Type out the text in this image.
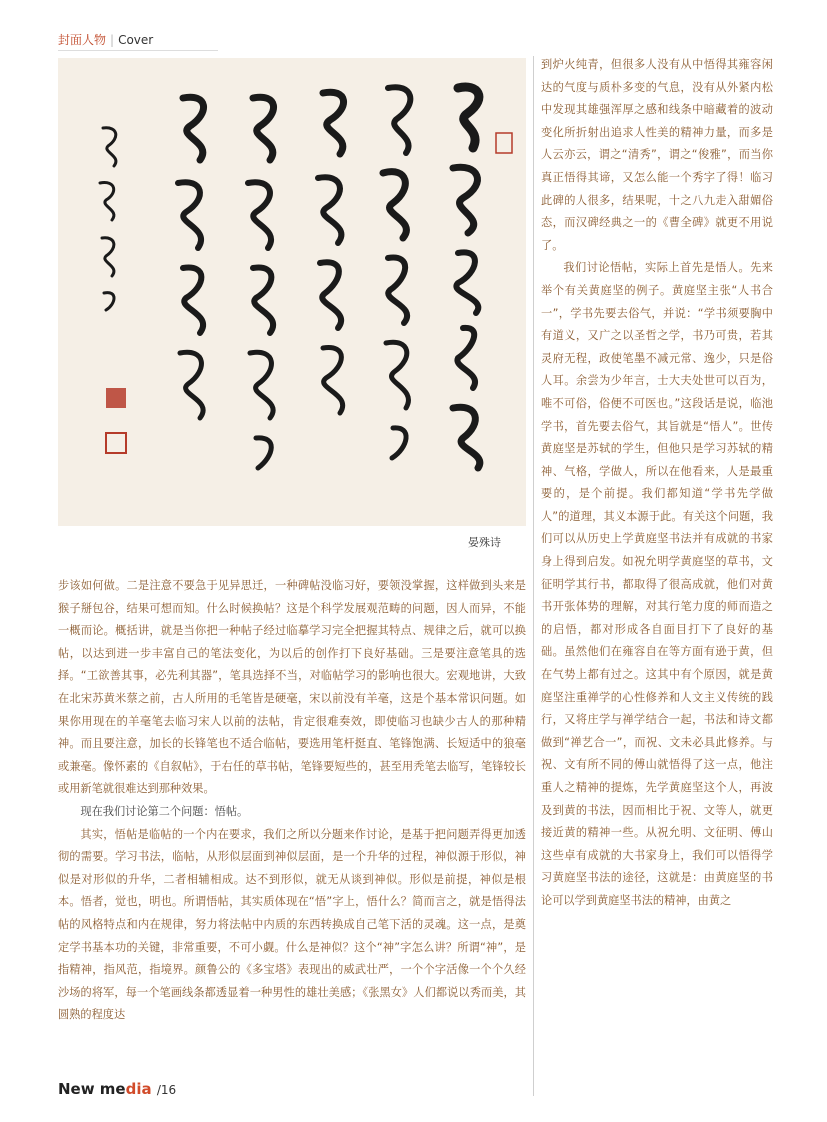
封面人物 | Cover
晏殊诗

到炉火纯青，但很多人没有从中悟得其雍容闲达的气度与质朴多变的气息，没有从外紧内松中发现其雄强浑厚之感和线条中暗藏着的波动变化所折射出追求人性美的精神力量，而多是人云亦云，谓之“清秀”，谓之“俊雅”，而当你真正悟得其谛，又怎么能一个秀字了得！临习此碑的人很多，结果呢，十之八九走入甜媚俗态，而汉碑经典之一的《曹全碑》就更不用说了。

我们讨论悟帖，实际上首先是悟人。先来举个有关黄庭坚的例子。黄庭坚主张“人书合一”，学书先要去俗气，并说：“学书须要胸中有道义，又广之以圣哲之学，书乃可贵，若其灵府无程，政使笔墨不减元常、逸少，只是俗人耳。余尝为少年言，士大夫处世可以百为，唯不可俗，俗便不可医也。”这段话是说，临池学书，首先要去俗气，其旨就是“悟人”。世传黄庭坚是苏轼的学生，但他只是学习苏轼的精神、气格，学做人，所以在他看来，人是最重要的，是个前提。我们都知道“学书先学做人”的道理，其义本源于此。有关这个问题，我们可以从历史上学黄庭坚书法并有成就的书家身上得到启发。如祝允明学黄庭坚的草书，文征明学其行书，都取得了很高成就，他们对黄书开张体势的理解，对其行笔力度的师而造之的启悟，都对形成各自面目打下了良好的基础。虽然他们在雍容自在等方面有逊于黄，但在气势上都有过之。这其中有个原因，就是黄庭坚注重禅学的心性修养和人文主义传统的践行，又将庄学与禅学结合一起，书法和诗文都做到“禅艺合一”，而祝、文未必具此修养。与祝、文有所不同的傅山就悟得了这一点，他注重人之精神的提炼，先学黄庭坚这个人，再波及到黄的书法，因而相比于祝、文等人，就更接近黄的精神一些。从祝允明、文征明、傅山这些卓有成就的大书家身上，我们可以悟得学习黄庭坚书法的途径，这就是：由黄庭坚的书论可以学到黄庭坚书法的精神，由黄之

步该如何做。二是注意不要急于见异思迁，一种碑帖没临习好，要领没掌握，这样做到头来是猴子掰包谷，结果可想而知。什么时候换帖？这是个科学发展观范畴的问题，因人而异，不能一概而论。概括讲，就是当你把一种帖子经过临摹学习完全把握其特点、规律之后，就可以换帖，以达到进一步丰富自己的笔法变化，为以后的创作打下良好基础。三是要注意笔具的选择。“工欲善其事，必先利其器”，笔具选择不当，对临帖学习的影响也很大。宏观地讲，大致在北宋苏黄米蔡之前，古人所用的毛笔皆是硬毫，宋以前没有羊毫，这是个基本常识问题。如果你用现在的羊毫笔去临习宋人以前的法帖，肯定很难奏效，即使临习也缺少古人的那种精神。而且要注意，加长的长锋笔也不适合临帖，要选用笔杆挺直、笔锋饱满、长短适中的狼毫或兼毫。像怀素的《自叙帖》，于右任的草书帖，笔锋要短些的，甚至用秃笔去临写，笔锋较长或用新笔就很难达到那种效果。

现在我们讨论第二个问题：悟帖。

其实，悟帖是临帖的一个内在要求，我们之所以分题来作讨论，是基于把问题弄得更加透彻的需要。学习书法，临帖，从形似层面到神似层面，是一个升华的过程，神似源于形似，神似是对形似的升华，二者相辅相成。达不到形似，就无从谈到神似。形似是前提，神似是根本。悟者，觉也，明也。所谓悟帖，其实质体现在“悟”字上，悟什么？简而言之，就是悟得法帖的风格特点和内在规律，努力将法帖中内质的东西转换成自己笔下活的灵魂。这一点，是奠定学书基本功的关键，非常重要，不可小觑。什么是神似？这个“神”字怎么讲？所谓“神”，是指精神，指风范，指境界。颜鲁公的《多宝塔》表现出的威武壮严，一个个字活像一个个久经沙场的将军，每一个笔画线条都透显着一种男性的雄壮美感；《张黑女》人们都说以秀而美，其圆熟的程度达

New media /16
